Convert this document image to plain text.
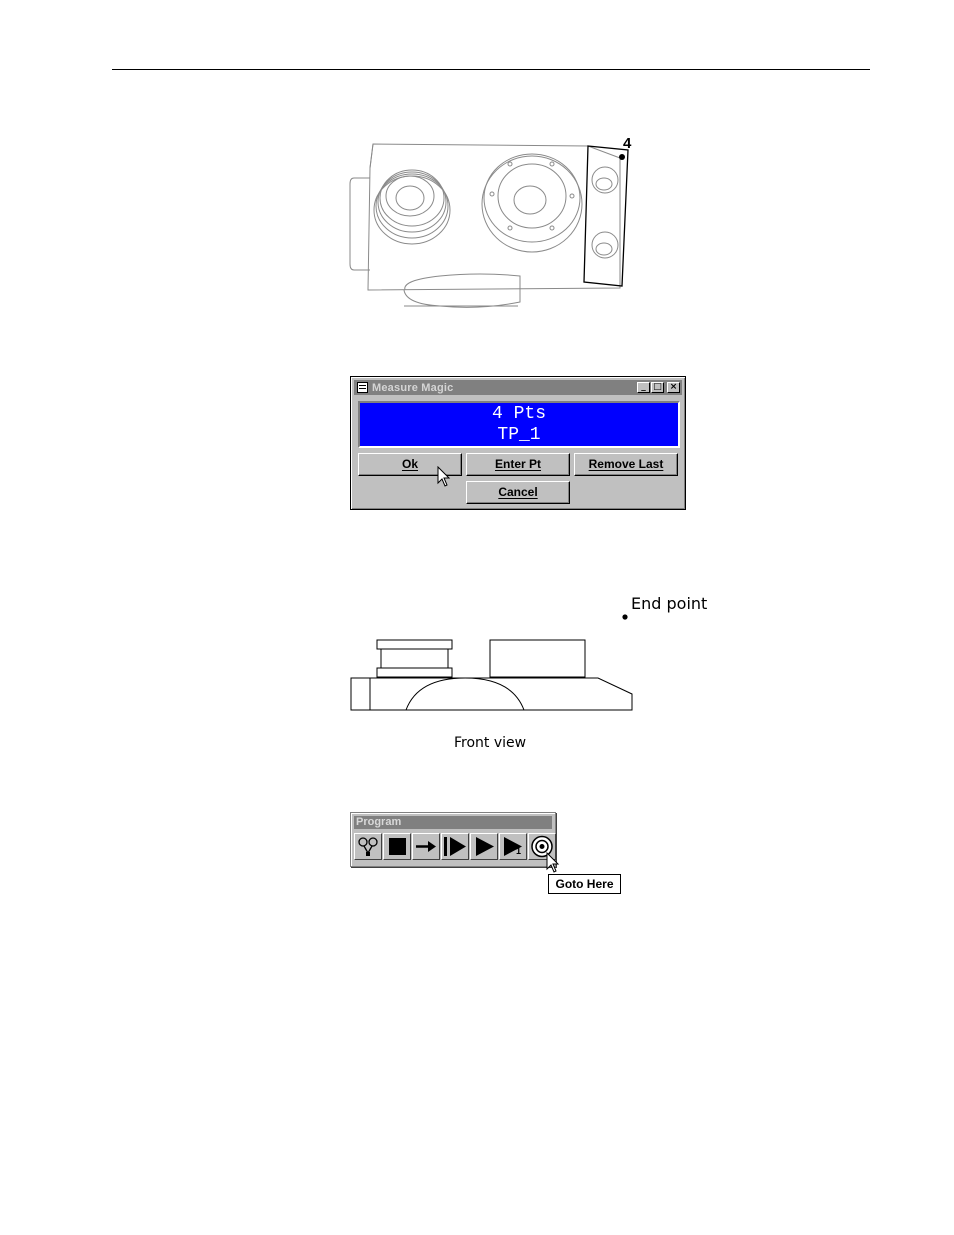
4
Measure Magic	_ □ ×
4 Pts
TP_1
Ok	Enter Pt	Remove Last
Cancel
End point
Front view
Program
1
Goto Here
